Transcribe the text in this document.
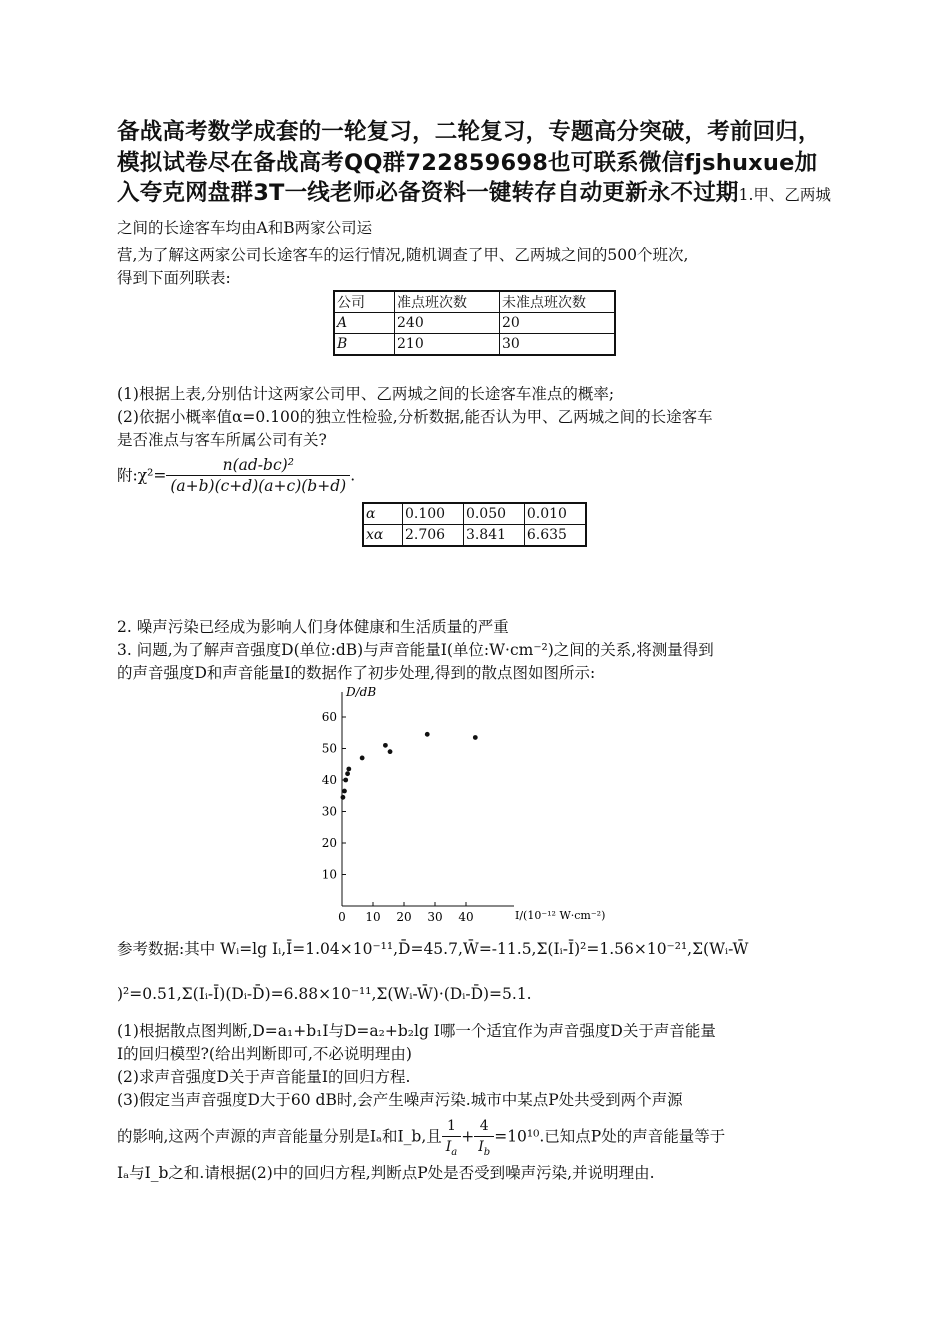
备战高考数学成套的一轮复习，二轮复习，专题高分突破，考前回归，模拟试卷尽在备战高考QQ群722859698也可联系微信fjshuxue加入夸克网盘群3T一线老师必备资料一键转存自动更新永不过期1.甲、乙两城之间的长途客车均由A和B两家公司运
营,为了解这两家公司长途客车的运行情况,随机调查了甲、乙两城之间的500个班次,
得到下面列联表:
公司	准点班次数	未准点班次数
A	240	20
B	210	30
(1)根据上表,分别估计这两家公司甲、乙两城之间的长途客车准点的概率;
(2)依据小概率值α=0.100的独立性检验,分析数据,能否认为甲、乙两城之间的长途客车
是否准点与客车所属公司有关?
附:χ²= $\frac{\text{n(ad-bc)²}}{(a+b)(c+d)(a+c)(b+d)}$ .
α	0.100	0.050	0.010
xα	2.706	3.841	6.635
2. 噪声污染已经成为影响人们身体健康和生活质量的严重
3. 问题,为了解声音强度D(单位:dB)与声音能量I(单位:W·cm⁻²)之间的关系,将测量得到
的声音强度D和声音能量I的数据作了初步处理,得到的散点图如图所示:
10
20
30
40
50
60
0 10 20 30 40
D/dB
I/(10⁻¹² W·cm⁻²)
参考数据:其中 Wᵢ=lg Iᵢ,Ī=1.04×10⁻¹¹,D̄=45.7,W̄=-11.5,Σ(Iᵢ-Ī)²=1.56×10⁻²¹,Σ(Wᵢ-W̄
)²=0.51,Σ(Iᵢ-Ī)(Dᵢ-D̄)=6.88×10⁻¹¹,Σ(Wᵢ-W̄)·(Dᵢ-D̄)=5.1.
(1)根据散点图判断,D=a₁+b₁I与D=a₂+b₂lg I哪一个适宜作为声音强度D关于声音能量
I的回归模型?(给出判断即可,不必说明理由)
(2)求声音强度D关于声音能量I的回归方程.
(3)假定当声音强度D大于60 dB时,会产生噪声污染.城市中某点P处共受到两个声源
的影响,这两个声源的声音能量分别是Iₐ和I_b,且 $\frac{1}{I_a} + \frac{4}{I_b} =10^{10}$.已知点P处的声音能量等于
Iₐ与I_b之和.请根据(2)中的回归方程,判断点P处是否受到噪声污染,并说明理由.
